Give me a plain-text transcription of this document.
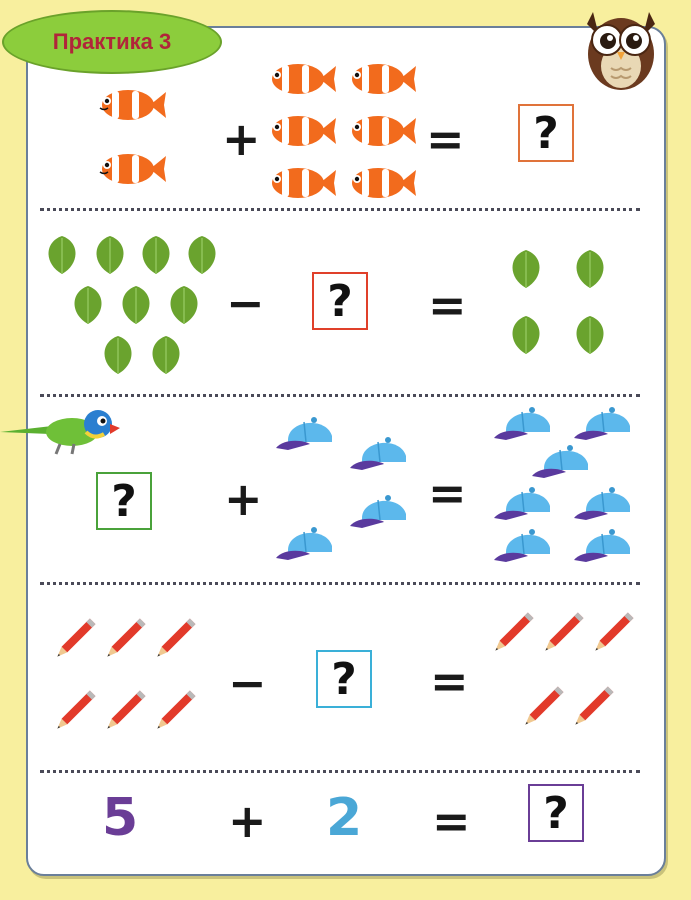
Практика 3
+	=	?
−	?	=
?	+	=
−	?	=
5 + 2 =	?
